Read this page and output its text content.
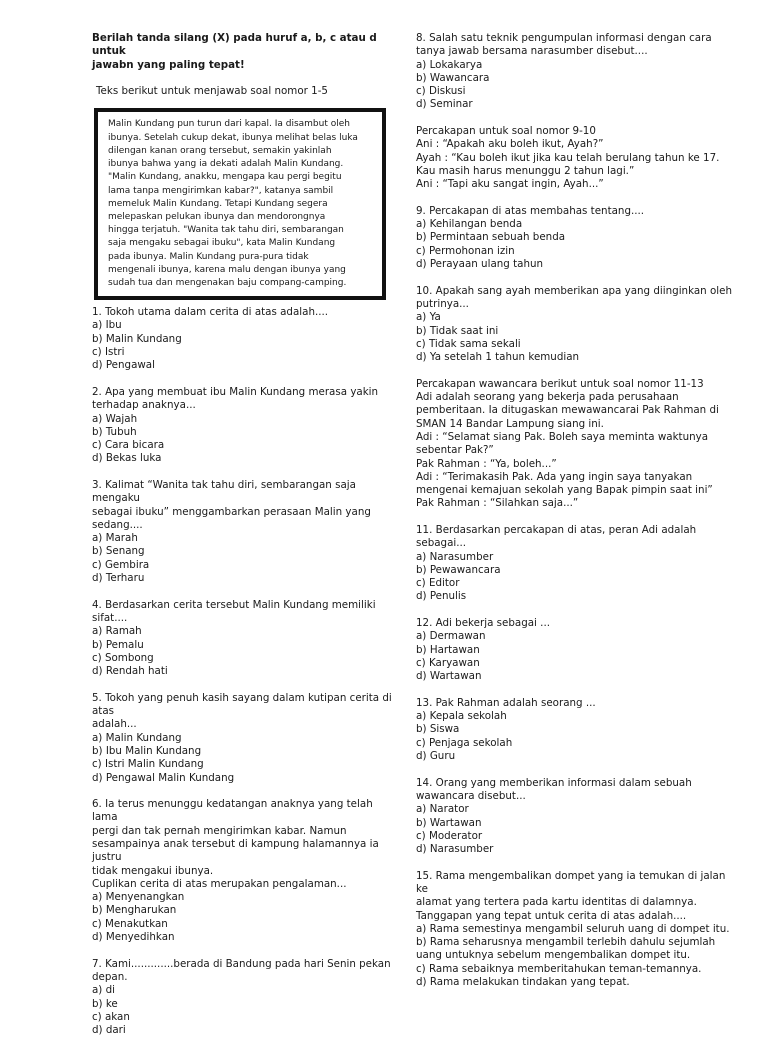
Berilah tanda silang (X) pada huruf a, b, c atau d untuk

jawabn yang paling tepat!

Teks berikut untuk menjawab soal nomor 1-5

Malin Kundang pun turun dari kapal. Ia disambut oleh
ibunya. Setelah cukup dekat, ibunya melihat belas luka
dilengan kanan orang tersebut, semakin yakinlah
ibunya bahwa yang ia dekati adalah Malin Kundang.
"Malin Kundang, anakku, mengapa kau pergi begitu
lama tanpa mengirimkan kabar?", katanya sambil
memeluk Malin Kundang. Tetapi Kundang segera
melepaskan pelukan ibunya dan mendorongnya
hingga terjatuh. "Wanita tak tahu diri, sembarangan
saja mengaku sebagai ibuku", kata Malin Kundang
pada ibunya. Malin Kundang pura-pura tidak
mengenali ibunya, karena malu dengan ibunya yang
sudah tua dan mengenakan baju compang-camping.

1. Tokoh utama dalam cerita di atas adalah....

a) Ibu

b) Malin Kundang

c) Istri

d) Pengawal

2. Apa yang membuat ibu Malin Kundang merasa yakin

terhadap anaknya...

a) Wajah

b) Tubuh

c) Cara bicara

d) Bekas luka

3. Kalimat “Wanita tak tahu diri, sembarangan saja mengaku

sebagai ibuku” menggambarkan perasaan Malin yang

sedang....

a) Marah

b) Senang

c) Gembira

d) Terharu

4. Berdasarkan cerita tersebut Malin Kundang memiliki sifat....

a) Ramah

b) Pemalu

c) Sombong

d) Rendah hati

5. Tokoh yang penuh kasih sayang dalam kutipan cerita di atas

adalah...

a) Malin Kundang

b) Ibu Malin Kundang

c) Istri Malin Kundang

d) Pengawal Malin Kundang

6. Ia terus menunggu kedatangan anaknya yang telah lama

pergi dan tak pernah mengirimkan kabar. Namun

sesampainya anak tersebut di kampung halamannya ia justru

tidak mengakui ibunya.

Cuplikan cerita di atas merupakan pengalaman...

a) Menyenangkan

b) Mengharukan

c) Menakutkan

d) Menyedihkan

7. Kami.............berada di Bandung pada hari Senin pekan

depan.

a) di

b) ke

c) akan

d) dari

8. Salah satu teknik pengumpulan informasi dengan cara

tanya jawab bersama narasumber disebut....

a) Lokakarya

b) Wawancara

c) Diskusi

d) Seminar

Percakapan untuk soal nomor 9-10

Ani : “Apakah aku boleh ikut, Ayah?”

Ayah : “Kau boleh ikut jika kau telah berulang tahun ke 17.

Kau masih harus menunggu 2 tahun lagi.”

Ani : “Tapi aku sangat ingin, Ayah...”

9. Percakapan di atas membahas tentang....

a) Kehilangan benda

b) Permintaan sebuah benda

c) Permohonan izin

d) Perayaan ulang tahun

10. Apakah sang ayah memberikan apa yang diinginkan oleh

putrinya...

a) Ya

b) Tidak saat ini

c) Tidak sama sekali

d) Ya setelah 1 tahun kemudian

Percakapan wawancara berikut untuk soal nomor 11-13

Adi adalah seorang yang bekerja pada perusahaan

pemberitaan. Ia ditugaskan mewawancarai Pak Rahman di

SMAN 14 Bandar Lampung siang ini.

Adi : “Selamat siang Pak. Boleh saya meminta waktunya

sebentar Pak?”

Pak Rahman : “Ya, boleh...”

Adi : “Terimakasih Pak. Ada yang ingin saya tanyakan

mengenai kemajuan sekolah yang Bapak pimpin saat ini”

Pak Rahman : “Silahkan saja...”

11. Berdasarkan percakapan di atas, peran Adi adalah

sebagai...

a) Narasumber

b) Pewawancara

c) Editor

d) Penulis

12. Adi bekerja sebagai ...

a) Dermawan

b) Hartawan

c) Karyawan

d) Wartawan

13. Pak Rahman adalah seorang ...

a) Kepala sekolah

b) Siswa

c) Penjaga sekolah

d) Guru

14. Orang yang memberikan informasi dalam sebuah

wawancara disebut...

a) Narator

b) Wartawan

c) Moderator

d) Narasumber

15. Rama mengembalikan dompet yang ia temukan di jalan ke

alamat yang tertera pada kartu identitas di dalamnya.

Tanggapan yang tepat untuk cerita di atas adalah....

a) Rama semestinya mengambil seluruh uang di dompet itu.

b) Rama seharusnya mengambil terlebih dahulu sejumlah

uang untuknya sebelum mengembalikan dompet itu.

c) Rama sebaiknya memberitahukan teman-temannya.

d) Rama melakukan tindakan yang tepat.
